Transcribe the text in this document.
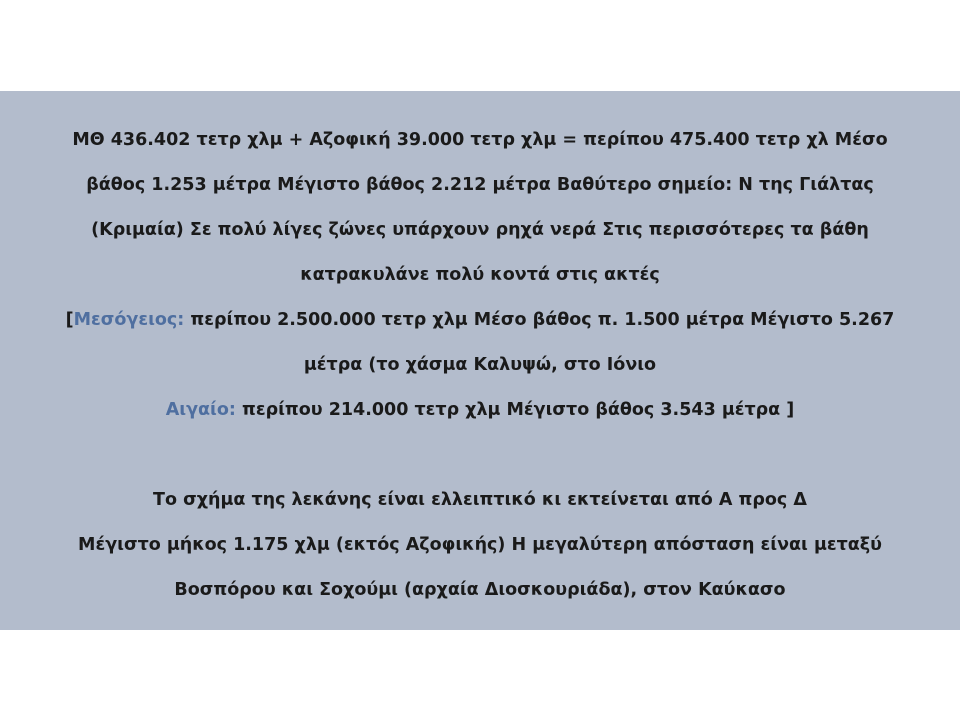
ΜΘ 436.402 τετρ χλμ + Αζοφική 39.000 τετρ χλμ = περίπου 475.400 τετρ χλ Μέσο
βάθος 1.253 μέτρα Μέγιστο βάθος 2.212 μέτρα Βαθύτερο σημείο: Ν της Γιάλτας
(Κριμαία) Σε πολύ λίγες ζώνες υπάρχουν ρηχά νερά Στις περισσότερες τα βάθη
κατρακυλάνε πολύ κοντά στις ακτές
[Μεσόγειος: περίπου 2.500.000 τετρ χλμ Μέσο βάθος π. 1.500 μέτρα Μέγιστο 5.267
μέτρα (το χάσμα Καλυψώ, στο Ιόνιο
Αιγαίο: περίπου 214.000 τετρ χλμ Μέγιστο βάθος 3.543 μέτρα ]
Το σχήμα της λεκάνης είναι ελλειπτικό κι εκτείνεται από Α προς Δ
Μέγιστο μήκος 1.175 χλμ (εκτός Αζοφικής) Η μεγαλύτερη απόσταση είναι μεταξύ
Βοσπόρου και Σοχούμι (αρχαία Διοσκουριάδα), στον Καύκασο
